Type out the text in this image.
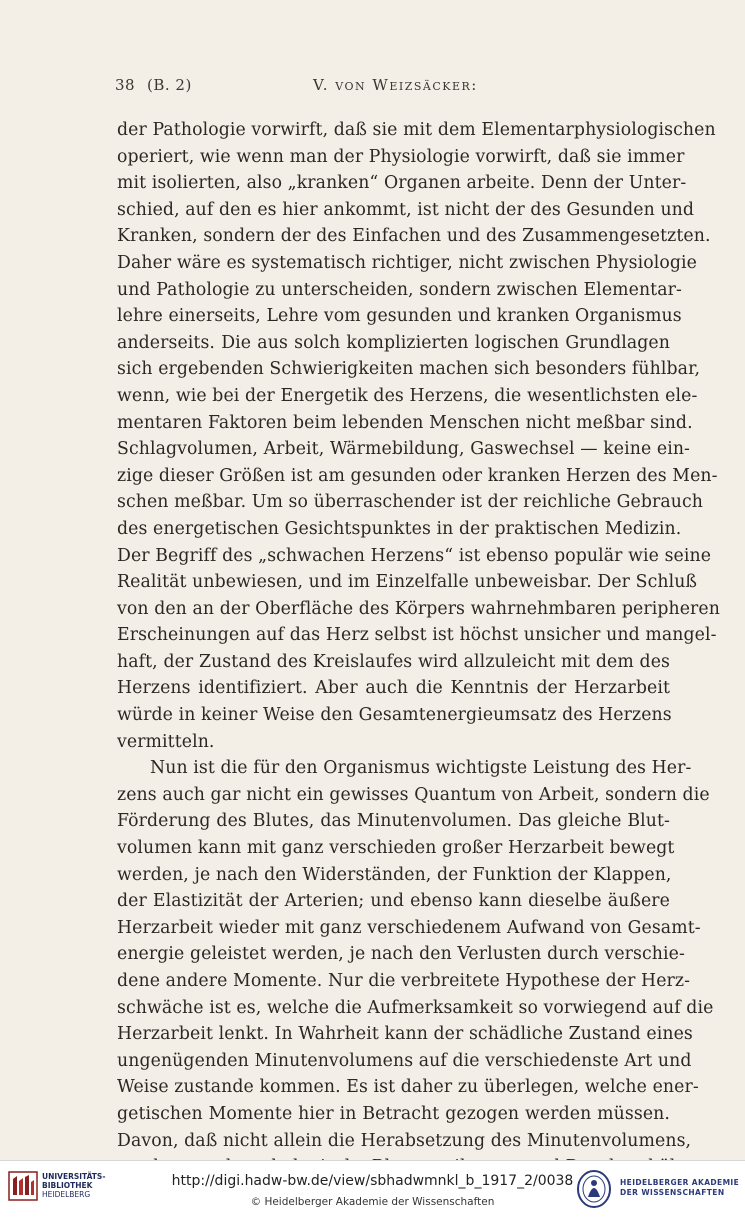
38 (B. 2)	V. von Weizsäcker:
der Pathologie vorwirft, daß sie mit dem Elementarphysiologischen
operiert, wie wenn man der Physiologie vorwirft, daß sie immer
mit isolierten, also „kranken“ Organen arbeite. Denn der Unter-
schied, auf den es hier ankommt, ist nicht der des Gesunden und
Kranken, sondern der des Einfachen und des Zusammengesetzten.
Daher wäre es systematisch richtiger, nicht zwischen Physiologie
und Pathologie zu unterscheiden, sondern zwischen Elementar-
lehre einerseits, Lehre vom gesunden und kranken Organismus
anderseits. Die aus solch komplizierten logischen Grundlagen
sich ergebenden Schwierigkeiten machen sich besonders fühlbar,
wenn, wie bei der Energetik des Herzens, die wesentlichsten ele-
mentaren Faktoren beim lebenden Menschen nicht meßbar sind.
Schlagvolumen, Arbeit, Wärmebildung, Gaswechsel — keine ein-
zige dieser Größen ist am gesunden oder kranken Herzen des Men-
schen meßbar. Um so überraschender ist der reichliche Gebrauch
des energetischen Gesichtspunktes in der praktischen Medizin.
Der Begriff des „schwachen Herzens“ ist ebenso populär wie seine
Realität unbewiesen, und im Einzelfalle unbeweisbar. Der Schluß
von den an der Oberfläche des Körpers wahrnehmbaren peripheren
Erscheinungen auf das Herz selbst ist höchst unsicher und mangel-
haft, der Zustand des Kreislaufes wird allzuleicht mit dem des
Herzens identifiziert. Aber auch die Kenntnis der Herzarbeit
würde in keiner Weise den Gesamtenergieumsatz des Herzens
vermitteln.
Nun ist die für den Organismus wichtigste Leistung des Her-
zens auch gar nicht ein gewisses Quantum von Arbeit, sondern die
Förderung des Blutes, das Minutenvolumen. Das gleiche Blut-
volumen kann mit ganz verschieden großer Herzarbeit bewegt
werden, je nach den Widerständen, der Funktion der Klappen,
der Elastizität der Arterien; und ebenso kann dieselbe äußere
Herzarbeit wieder mit ganz verschiedenem Aufwand von Gesamt-
energie geleistet werden, je nach den Verlusten durch verschie-
dene andere Momente. Nur die verbreitete Hypothese der Herz-
schwäche ist es, welche die Aufmerksamkeit so vorwiegend auf die
Herzarbeit lenkt. In Wahrheit kann der schädliche Zustand eines
ungenügenden Minutenvolumens auf die verschiedenste Art und
Weise zustande kommen. Es ist daher zu überlegen, welche ener-
getischen Momente hier in Betracht gezogen werden müssen.
Davon, daß nicht allein die Herabsetzung des Minutenvolumens,
UNIVERSITÄTS-
BIBLIOTHEK
HEIDELBERG
http://digi.hadw-bw.de/view/sbhadwmnkl_b_1917_2/0038
© Heidelberger Akademie der Wissenschaften
HEIDELBERGER AKADEMIE
DER WISSENSCHAFTEN
